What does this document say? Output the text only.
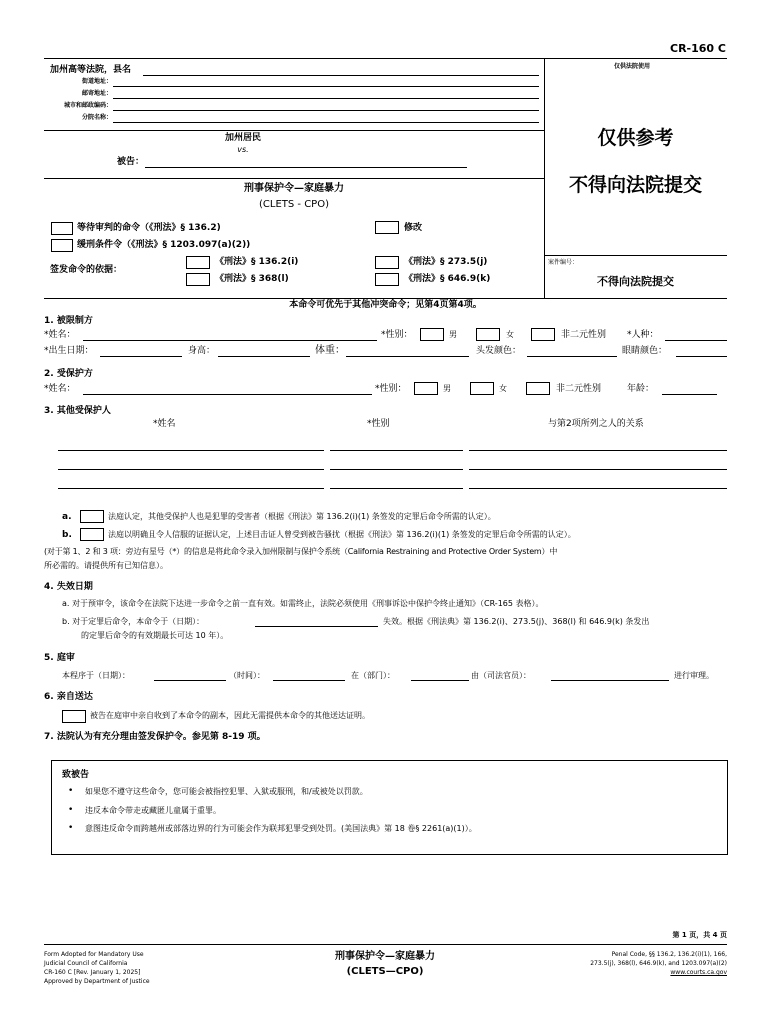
CR-160 C
仅供法院使用
加州高等法院，县名
街道地址：
邮寄地址：
城市和邮政编码：
分院名称：
加州居民
vs.
被告：
仅供参考
不得向法院提交
刑事保护令—家庭暴力
(CLETS - CPO)
等待审判的命令（《刑法》§ 136.2)	修改
缓刑条件令（《刑法》§ 1203.097(a)(2))
签发命令的依据：
《刑法》§ 136.2(i)	《刑法》§ 273.5(j)
《刑法》§ 368(l)	《刑法》§ 646.9(k)
案件编号：
不得向法院提交
本命令可优先于其他冲突命令；见第4页第4项。
1. 被限制方
*姓名：	*性别：	男	女	非二元性别 *人种：
*出生日期：	身高：	体重：	头发颜色：	眼睛颜色：
2. 受保护方
*姓名：	*性别：	男	女	非二元性别	年龄：
3. 其他受保护人
*姓名	*性别	与第2项所列之人的关系
a.	法庭认定，其他受保护人也是犯罪的受害者（根据《刑法》第 136.2(i)(1) 条签发的定罪后命令所需的认定）。
b.	法庭以明确且令人信服的证据认定，上述目击证人曾受到被告骚扰（根据《刑法》第 136.2(i)(1) 条签发的定罪后命令所需的认定）。
(对于第 1、2 和 3 项：旁边有星号（*）的信息是将此命令录入加州限制与保护令系统（California Restraining and Protective Order System）中
所必需的。请提供所有已知信息）。
4. 失效日期
a. 对于预审令，该命令在法院下达进一步命令之前一直有效。如需终止，法院必须使用《刑事诉讼中保护令终止通知》（CR-165 表格）。
b. 对于定罪后命令，本命令于（日期）：	失效。根据《刑法典》第 136.2(i)、273.5(j)、368(l) 和 646.9(k) 条发出
的定罪后命令的有效期最长可达 10 年）。
5. 庭审
本程序于（日期）：	（时间）：	在（部门）：	由（司法官员）：	进行审理。
6. 亲自送达
被告在庭审中亲自收到了本命令的副本，因此无需提供本命令的其他送达证明。
7. 法院认为有充分理由签发保护令。参见第 8-19 项。
致被告
• 如果您不遵守这些命令，您可能会被指控犯罪、入狱或服刑，和/或被处以罚款。
• 违反本命令带走或藏匿儿童属于重罪。
• 意图违反命令而跨越州或部落边界的行为可能会作为联邦犯罪受到处罚。(美国法典》第 18 卷§ 2261(a)(1)）。
第 1 页，共 4 页
Form Adopted for Mandatory Use
Judicial Council of California
CR-160 C [Rev. January 1, 2025]
Approved by Department of Justice
刑事保护令—家庭暴力
(CLETS—CPO)
Penal Code, §§ 136.2, 136.2(i)(1), 166,
273.5(j), 368(l), 646.9(k), and 1203.097(a)(2)
www.courts.ca.gov
